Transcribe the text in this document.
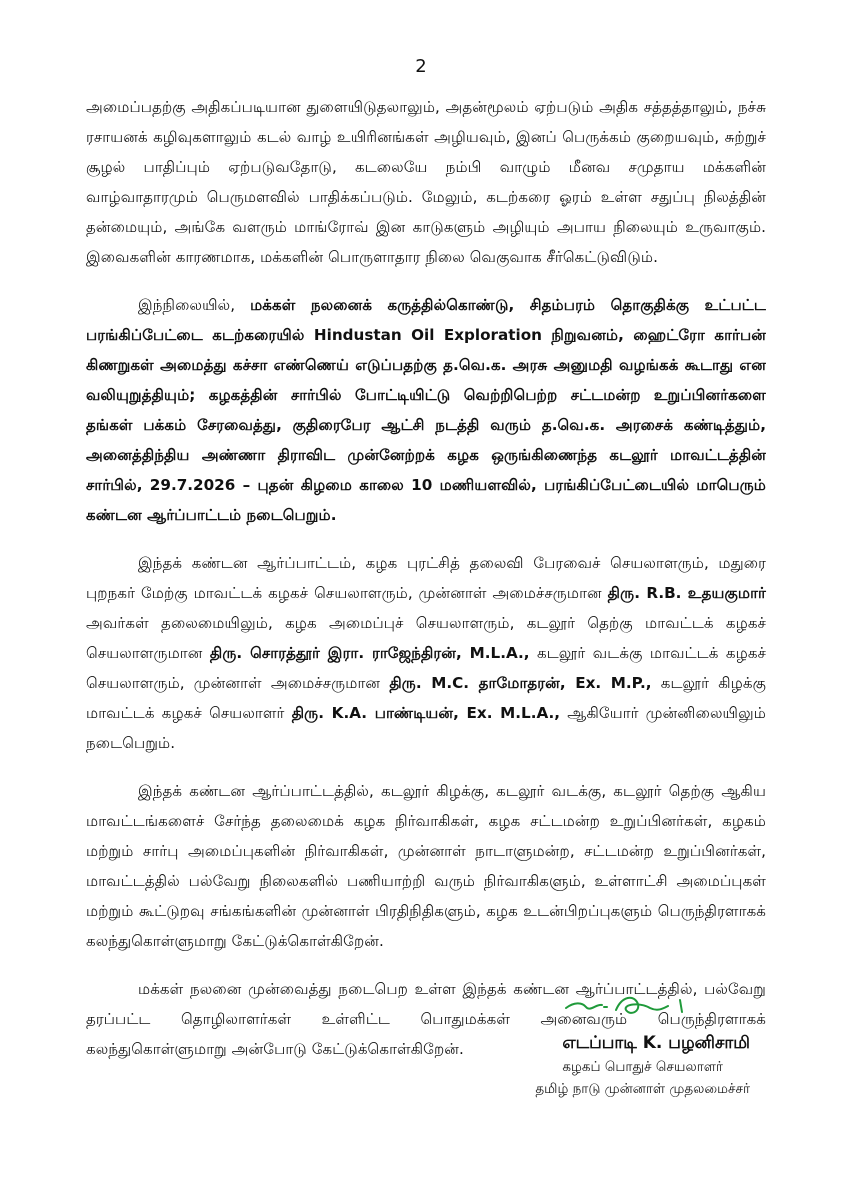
2

அமைப்பதற்கு அதிகப்படியான துளையிடுதலாலும், அதன்மூலம் ஏற்படும் அதிக சத்தத்தாலும், நச்சு ரசாயனக் கழிவுகளாலும் கடல் வாழ் உயிரினங்கள் அழியவும், இனப் பெருக்கம் குறையவும், சுற்றுச் சூழல் பாதிப்பும் ஏற்படுவதோடு, கடலையே நம்பி வாழும் மீனவ சமுதாய மக்களின் வாழ்வாதாரமும் பெருமளவில் பாதிக்கப்படும். மேலும், கடற்கரை ஓரம் உள்ள சதுப்பு நிலத்தின் தன்மையும், அங்கே வளரும் மாங்ரோவ் இன காடுகளும் அழியும் அபாய நிலையும் உருவாகும். இவைகளின் காரணமாக, மக்களின் பொருளாதார நிலை வெகுவாக சீர்கெட்டுவிடும்.

இந்நிலையில், மக்கள் நலனைக் கருத்தில்கொண்டு, சிதம்பரம் தொகுதிக்கு உட்பட்ட பரங்கிப்பேட்டை கடற்கரையில் Hindustan Oil Exploration நிறுவனம், ஹைட்ரோ கார்பன் கிணறுகள் அமைத்து கச்சா எண்ணெய் எடுப்பதற்கு த.வெ.க. அரசு அனுமதி வழங்கக் கூடாது என வலியுறுத்தியும்; கழகத்தின் சார்பில் போட்டியிட்டு வெற்றிபெற்ற சட்டமன்ற உறுப்பினர்களை தங்கள் பக்கம் சேரவைத்து, குதிரைபேர ஆட்சி நடத்தி வரும் த.வெ.க. அரசைக் கண்டித்தும், அனைத்திந்திய அண்ணா திராவிட முன்னேற்றக் கழக ஒருங்கிணைந்த கடலூர் மாவட்டத்தின் சார்பில், 29.7.2026 – புதன் கிழமை காலை 10 மணியளவில், பரங்கிப்பேட்டையில் மாபெரும் கண்டன ஆர்ப்பாட்டம் நடைபெறும்.

இந்தக் கண்டன ஆர்ப்பாட்டம், கழக புரட்சித் தலைவி பேரவைச் செயலாளரும், மதுரை புறநகர் மேற்கு மாவட்டக் கழகச் செயலாளரும், முன்னாள் அமைச்சருமான திரு. R.B. உதயகுமார் அவர்கள் தலைமையிலும், கழக அமைப்புச் செயலாளரும், கடலூர் தெற்கு மாவட்டக் கழகச் செயலாளருமான திரு. சொரத்தூர் இரா. ராஜேந்திரன், M.L.A., கடலூர் வடக்கு மாவட்டக் கழகச் செயலாளரும், முன்னாள் அமைச்சருமான திரு. M.C. தாமோதரன், Ex. M.P., கடலூர் கிழக்கு மாவட்டக் கழகச் செயலாளர் திரு. K.A. பாண்டியன், Ex. M.L.A., ஆகியோர் முன்னிலையிலும் நடைபெறும்.

இந்தக் கண்டன ஆர்ப்பாட்டத்தில், கடலூர் கிழக்கு, கடலூர் வடக்கு, கடலூர் தெற்கு ஆகிய மாவட்டங்களைச் சேர்ந்த தலைமைக் கழக நிர்வாகிகள், கழக சட்டமன்ற உறுப்பினர்கள், கழகம் மற்றும் சார்பு அமைப்புகளின் நிர்வாகிகள், முன்னாள் நாடாளுமன்ற, சட்டமன்ற உறுப்பினர்கள், மாவட்டத்தில் பல்வேறு நிலைகளில் பணியாற்றி வரும் நிர்வாகிகளும், உள்ளாட்சி அமைப்புகள் மற்றும் கூட்டுறவு சங்கங்களின் முன்னாள் பிரதிநிதிகளும், கழக உடன்பிறப்புகளும் பெருந்திரளாகக் கலந்துகொள்ளுமாறு கேட்டுக்கொள்கிறேன்.

மக்கள் நலனை முன்வைத்து நடைபெற உள்ள இந்தக் கண்டன ஆர்ப்பாட்டத்தில், பல்வேறு தரப்பட்ட தொழிலாளர்கள் உள்ளிட்ட பொதுமக்கள் அனைவரும் பெருந்திரளாகக் கலந்துகொள்ளுமாறு அன்போடு கேட்டுக்கொள்கிறேன்.	எடப்பாடி K. பழனிசாமி
கழகப் பொதுச் செயலாளர்
தமிழ் நாடு முன்னாள் முதலமைச்சர்
